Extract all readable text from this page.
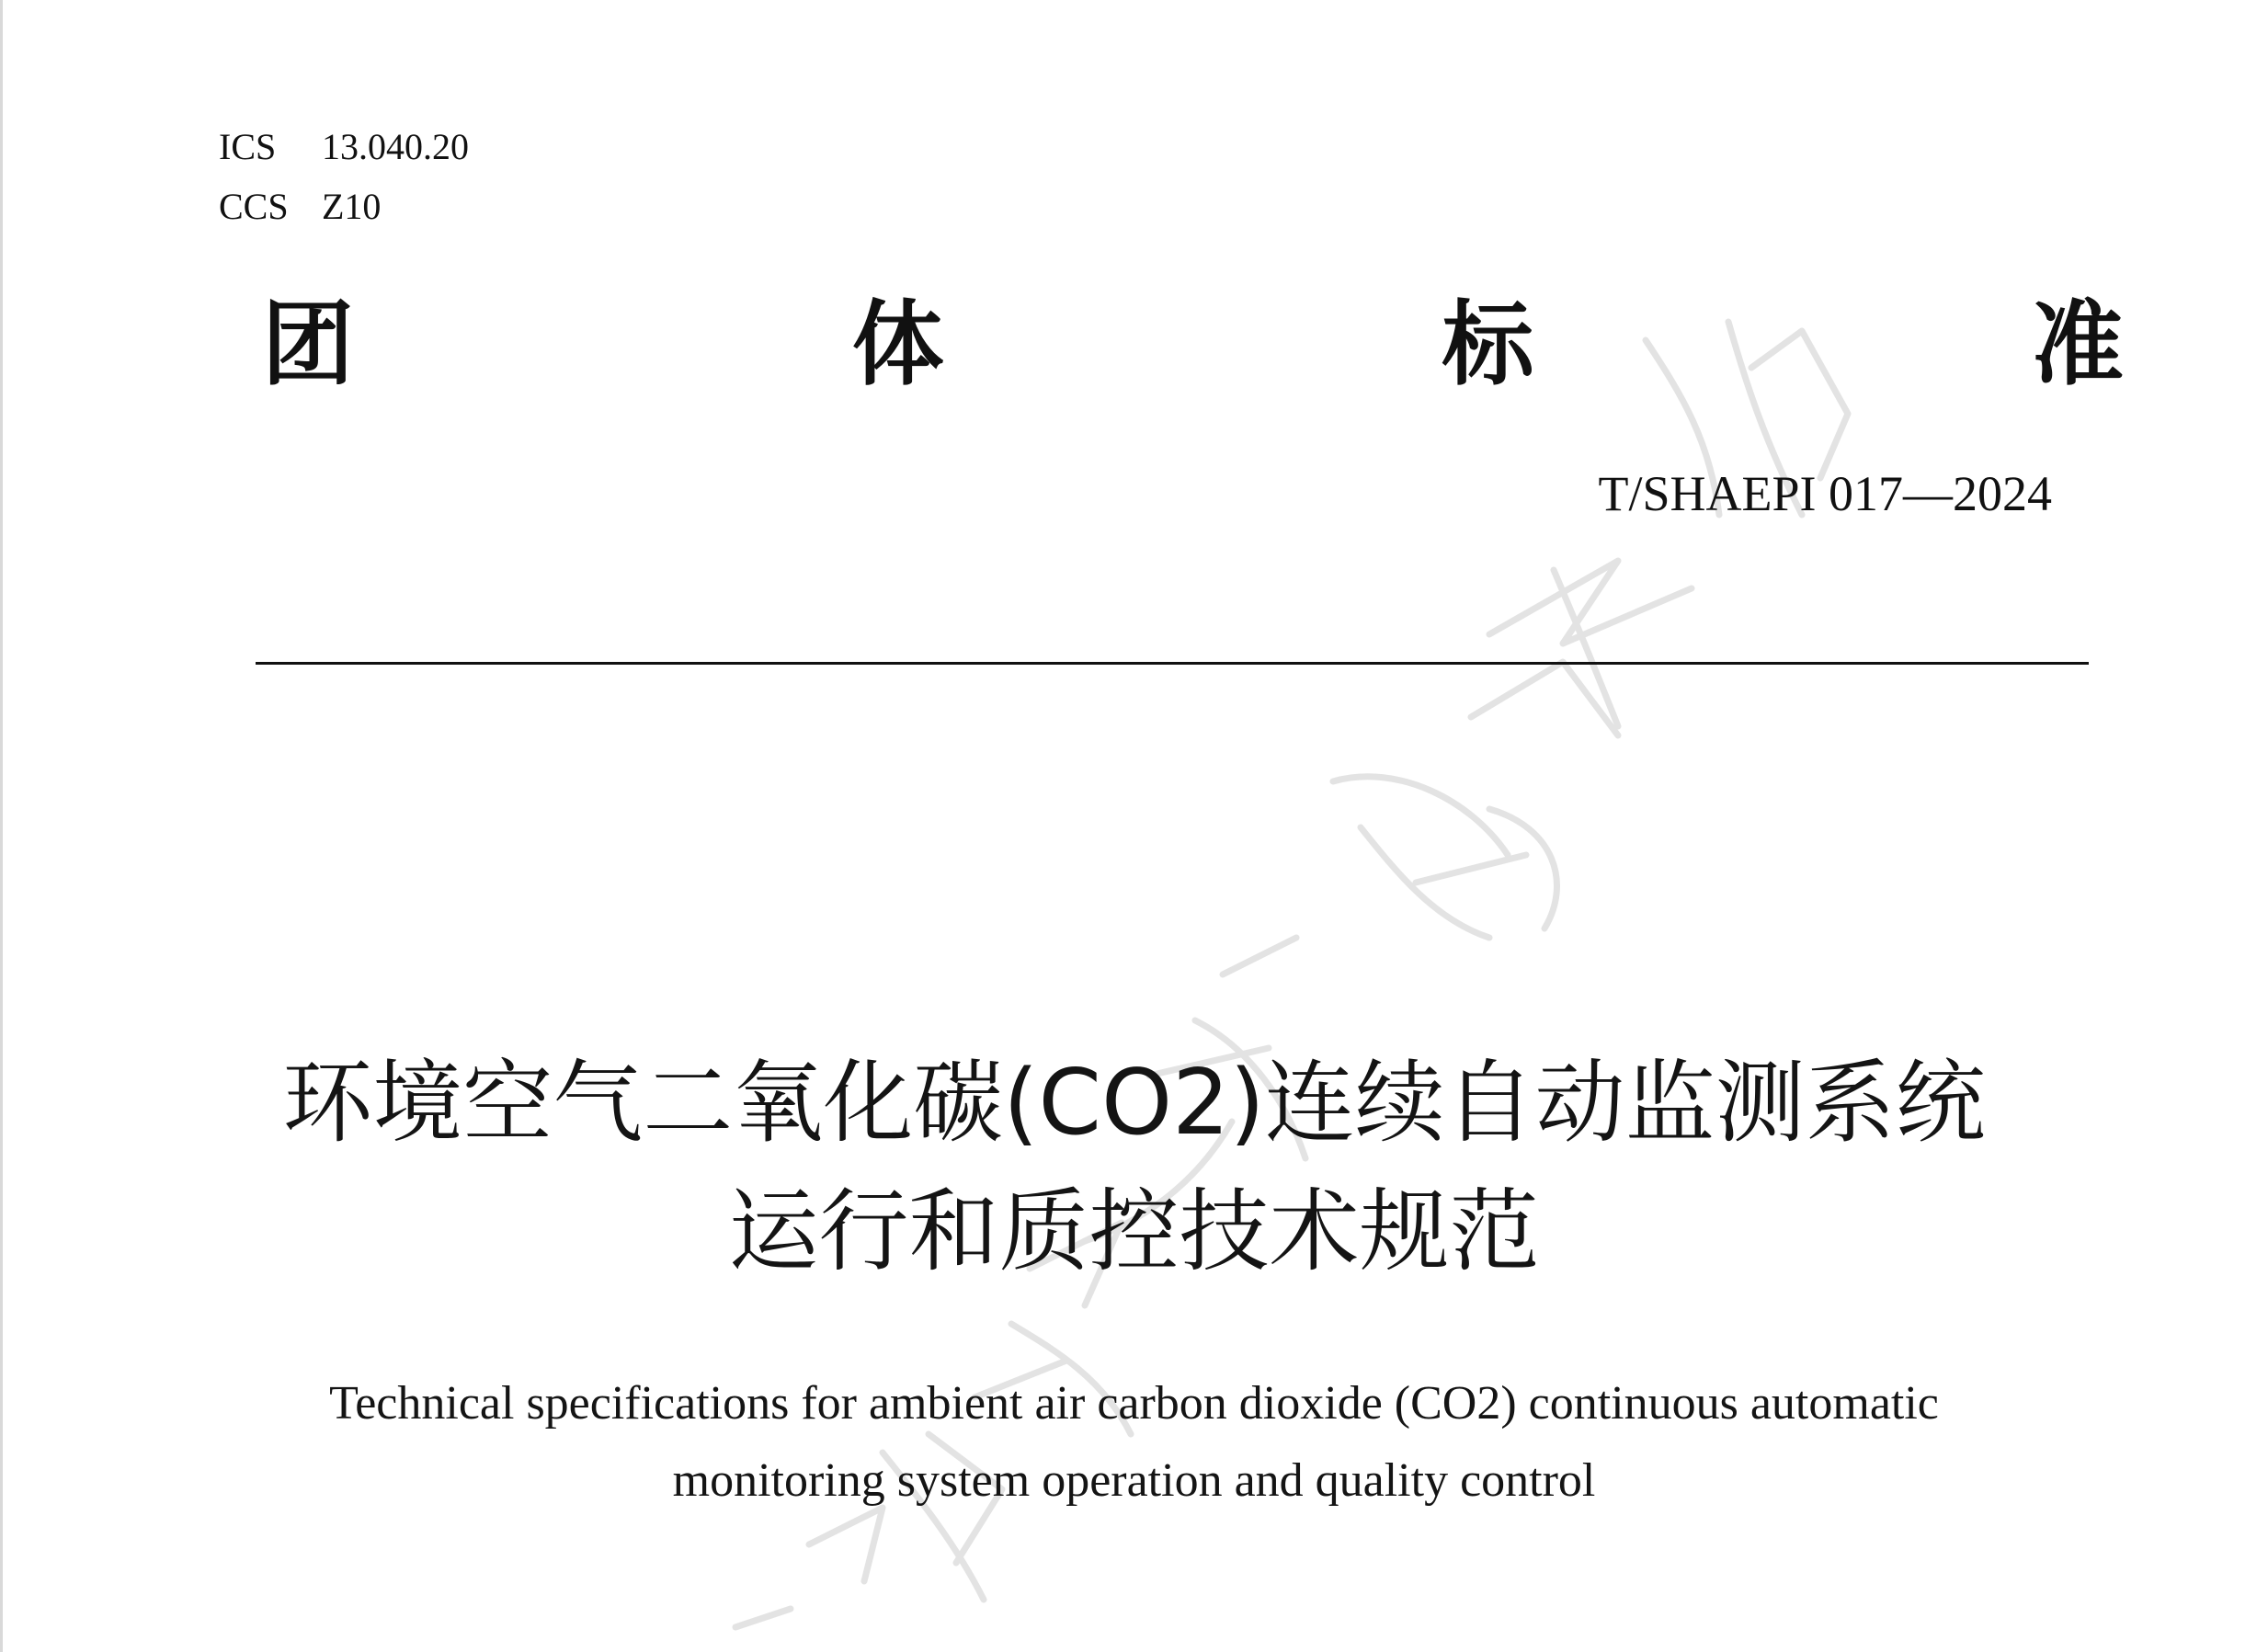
ICS 13.040.20
CCS Z10
团	体	标	准
T/SHAEPI 017—2024
环境空气二氧化碳(CO2)连续自动监测系统
运行和质控技术规范
Technical specifications for ambient air carbon dioxide (CO2) continuous automatic
monitoring system operation and quality control
